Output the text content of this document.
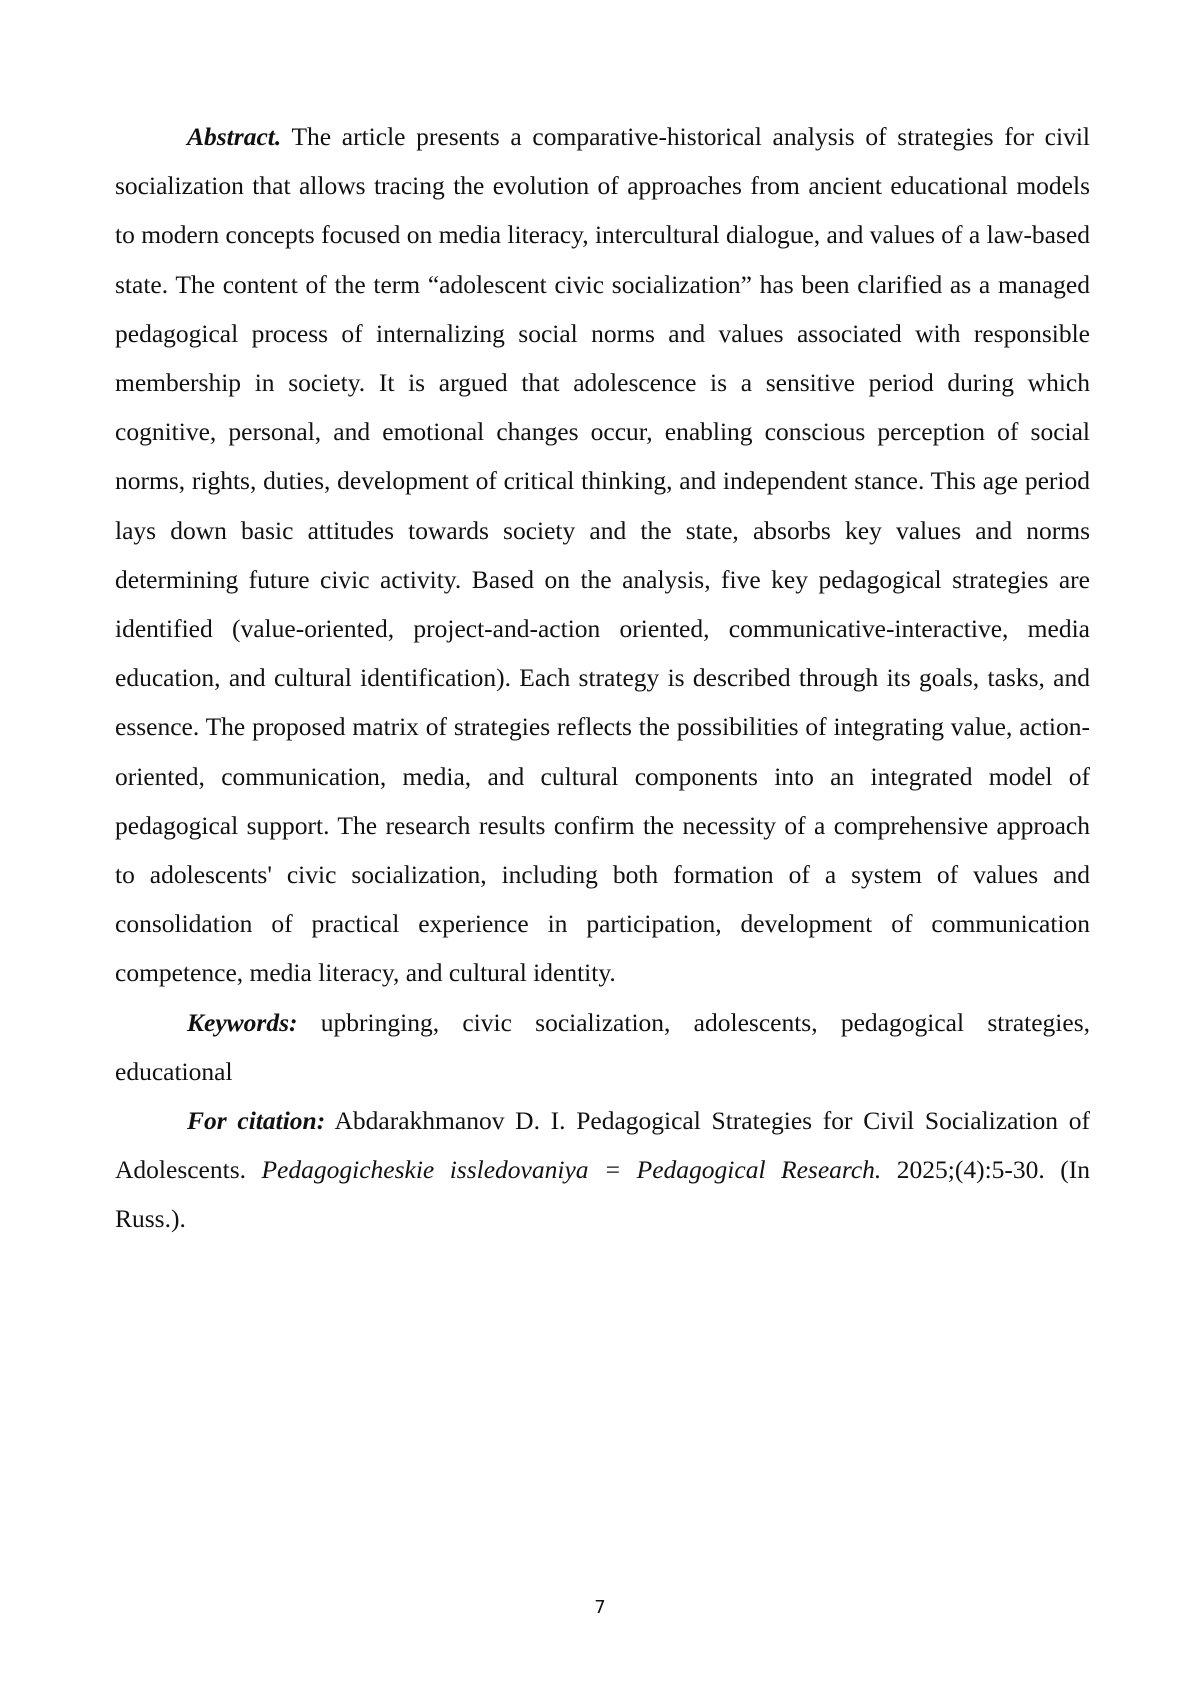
Abstract. The article presents a comparative-historical analysis of strategies for civil socialization that allows tracing the evolution of approaches from ancient educational models to modern concepts focused on media literacy, intercultural dialogue, and values of a law-based state. The content of the term “adolescent civic socialization” has been clarified as a managed pedagogical process of internalizing social norms and values associated with responsible membership in society. It is argued that adolescence is a sensitive period during which cognitive, personal, and emotional changes occur, enabling conscious perception of social norms, rights, duties, development of critical thinking, and independent stance. This age period lays down basic attitudes towards society and the state, absorbs key values and norms determining future civic activity. Based on the analysis, five key pedagogical strategies are identified (value-oriented, project-and-action oriented, communicative-interactive, media education, and cultural identification). Each strategy is described through its goals, tasks, and essence. The proposed matrix of strategies reflects the possibilities of integrating value, action-oriented, communication, media, and cultural components into an integrated model of pedagogical support. The research results confirm the necessity of a comprehensive approach to adolescents' civic socialization, including both formation of a system of values and consolidation of practical experience in participation, development of communication competence, media literacy, and cultural identity.

Keywords: upbringing, civic socialization, adolescents, pedagogical strategies, educational

For citation: Abdarakhmanov D. I. Pedagogical Strategies for Civil Socialization of Adolescents. Pedagogicheskie issledovaniya = Pedagogical Research. 2025;(4):5-30. (In Russ.).

7
